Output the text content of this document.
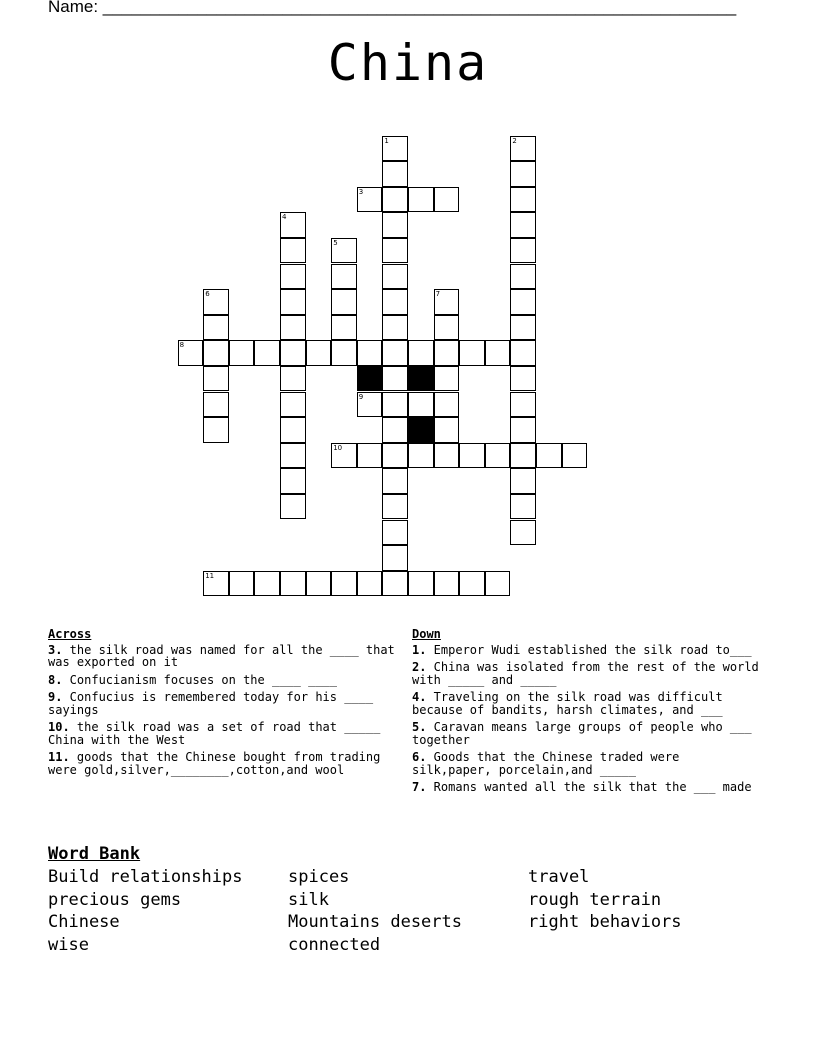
Name: ___________________________________________________________________
China
1	2
3
4
5
6	7
8
9
10
11
Across
3. the silk road was named for all the ____ that was exported on it
8. Confucianism focuses on the ____ ____
9. Confucius is remembered today for his ____ sayings
10. the silk road was a set of road that _____ China with the West
11. goods that the Chinese bought from trading were gold,silver,________,cotton,and wool
Down
1. Emperor Wudi established the silk road to___
2. China was isolated from the rest of the world with _____ and _____
4. Traveling on the silk road was difficult because of bandits, harsh climates, and ___
5. Caravan means large groups of people who ___ together
6. Goods that the Chinese traded were silk,paper, porcelain,and _____
7. Romans wanted all the silk that the ___ made
Word Bank
Build relationships	spices	travel
precious gems	silk	rough terrain
Chinese	Mountains deserts	right behaviors
wise	connected
